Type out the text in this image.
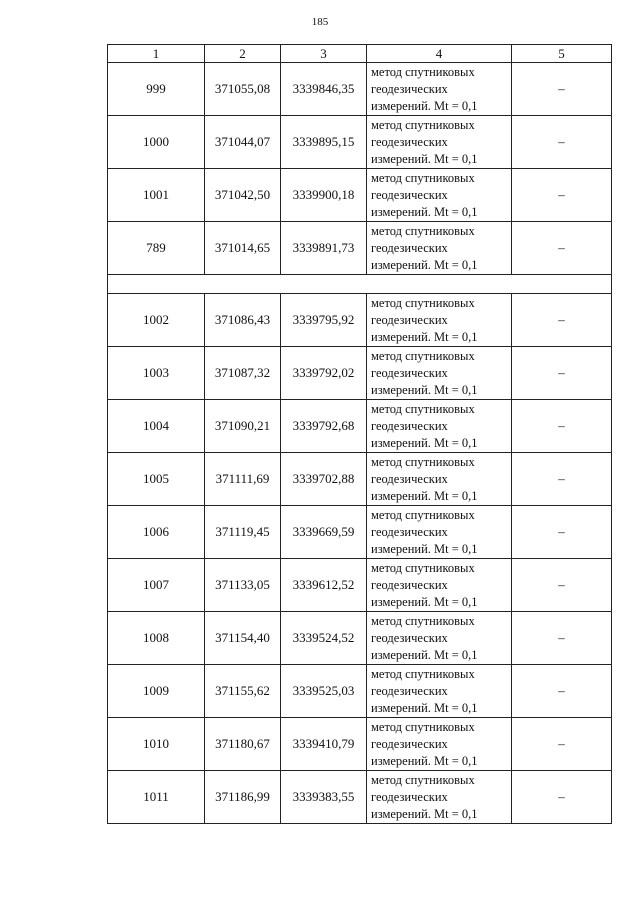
185
1	2	3	4	5
999	371055,08	3339846,35	метод спутниковых
геодезических
измерений. Mt = 0,1	–
1000	371044,07	3339895,15	метод спутниковых
геодезических
измерений. Mt = 0,1	–
1001	371042,50	3339900,18	метод спутниковых
геодезических
измерений. Mt = 0,1	–
789	371014,65	3339891,73	метод спутниковых
геодезических
измерений. Mt = 0,1	–

1002	371086,43	3339795,92	метод спутниковых
геодезических
измерений. Mt = 0,1	–
1003	371087,32	3339792,02	метод спутниковых
геодезических
измерений. Mt = 0,1	–
1004	371090,21	3339792,68	метод спутниковых
геодезических
измерений. Mt = 0,1	–
1005	371111,69	3339702,88	метод спутниковых
геодезических
измерений. Mt = 0,1	–
1006	371119,45	3339669,59	метод спутниковых
геодезических
измерений. Mt = 0,1	–
1007	371133,05	3339612,52	метод спутниковых
геодезических
измерений. Mt = 0,1	–
1008	371154,40	3339524,52	метод спутниковых
геодезических
измерений. Mt = 0,1	–
1009	371155,62	3339525,03	метод спутниковых
геодезических
измерений. Mt = 0,1	–
1010	371180,67	3339410,79	метод спутниковых
геодезических
измерений. Mt = 0,1	–
1011	371186,99	3339383,55	метод спутниковых
геодезических
измерений. Mt = 0,1	–
